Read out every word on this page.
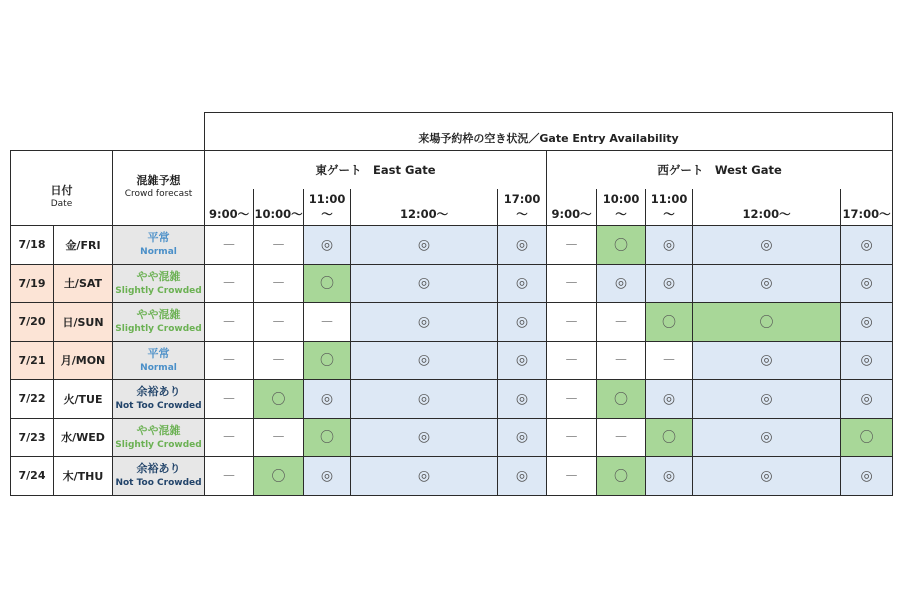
			来場予約枠の空き状況／Gate Entry Availability									

日付
Date		混雑予想
Crowd forecast	東ゲート　East Gate					西ゲート　West Gate				
			9:00～	10:00～	11:00～	12:00～	17:00～	9:00～	10:00～	11:00～	12:00～	17:00～
7/18	金/FRI	平常
Normal	－	－	◎	◎	◎	－	〇	◎	◎	◎
7/19	土/SAT	やや混雑
Slightly Crowded	－	－	〇	◎	◎	－	◎	◎	◎	◎
7/20	日/SUN	やや混雑
Slightly Crowded	－	－	－	◎	◎	－	－	〇	〇	◎
7/21	月/MON	平常
Normal	－	－	〇	◎	◎	－	－	－	◎	◎
7/22	火/TUE	余裕あり
Not Too Crowded	－	〇	◎	◎	◎	－	〇	◎	◎	◎
7/23	水/WED	やや混雑
Slightly Crowded	－	－	〇	◎	◎	－	－	〇	◎	〇
7/24	木/THU	余裕あり
Not Too Crowded	－	〇	◎	◎	◎	－	〇	◎	◎	◎
